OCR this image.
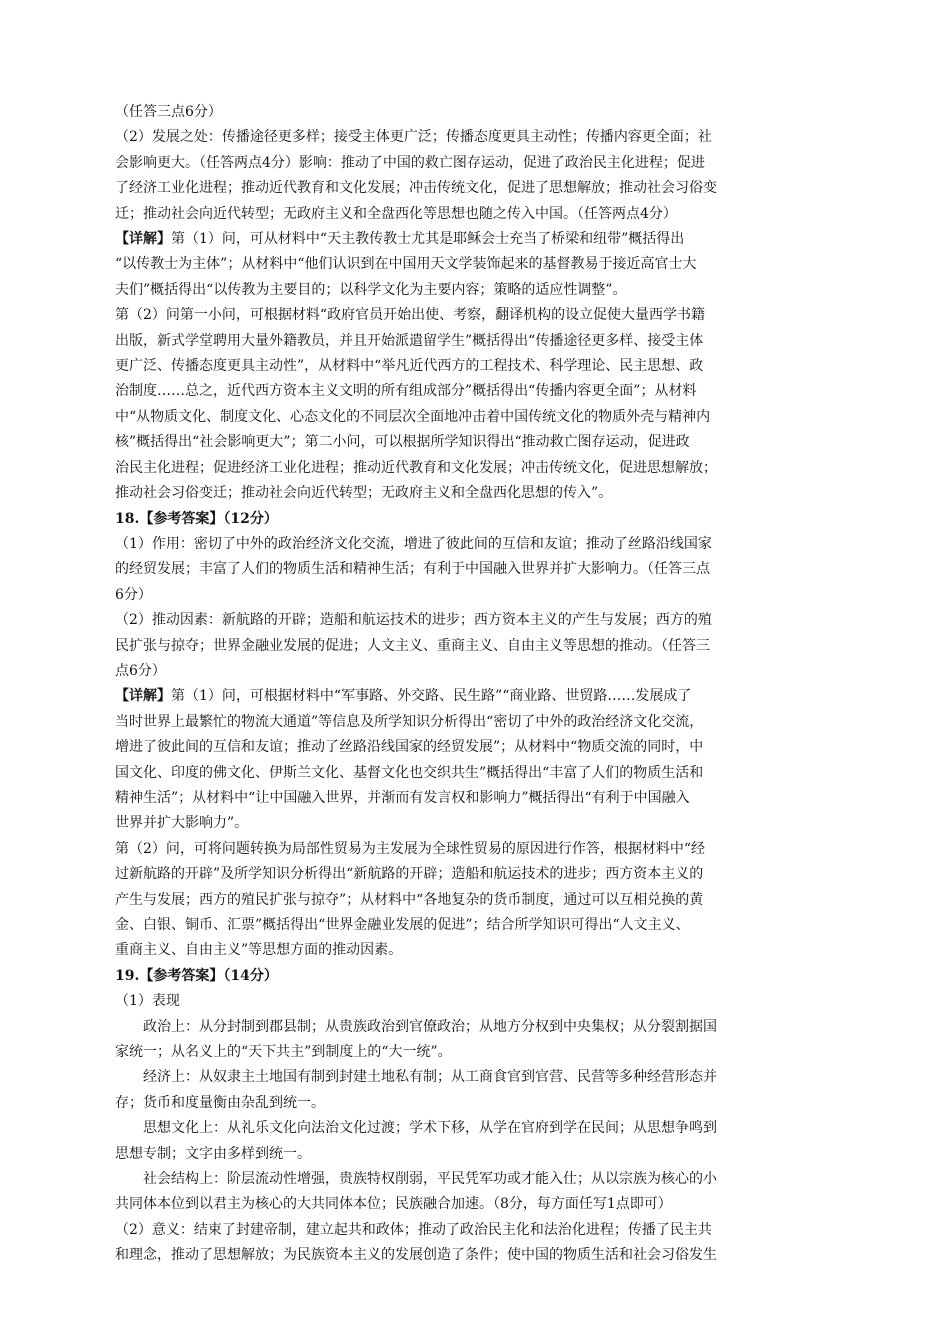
（任答三点6分）
（2）发展之处：传播途径更多样；接受主体更广泛；传播态度更具主动性；传播内容更全面；社
会影响更大。（任答两点4分）影响：推动了中国的救亡图存运动，促进了政治民主化进程；促进
了经济工业化进程；推动近代教育和文化发展；冲击传统文化，促进了思想解放；推动社会习俗变
迁；推动社会向近代转型；无政府主义和全盘西化等思想也随之传入中国。（任答两点4分）
【详解】第（1）问，可从材料中“天主教传教士尤其是耶稣会士充当了桥梁和纽带”概括得出
“以传教士为主体”；从材料中“他们认识到在中国用天文学装饰起来的基督教易于接近高官士大
夫们”概括得出“以传教为主要目的；以科学文化为主要内容；策略的适应性调整”。
第（2）问第一小问，可根据材料“政府官员开始出使、考察，翻译机构的设立促使大量西学书籍
出版，新式学堂聘用大量外籍教员，并且开始派遣留学生”概括得出“传播途径更多样、接受主体
更广泛、传播态度更具主动性”，从材料中“举凡近代西方的工程技术、科学理论、民主思想、政
治制度……总之，近代西方资本主义文明的所有组成部分”概括得出“传播内容更全面”；从材料
中“从物质文化、制度文化、心态文化的不同层次全面地冲击着中国传统文化的物质外壳与精神内
核”概括得出“社会影响更大”；第二小问，可以根据所学知识得出“推动救亡图存运动，促进政
治民主化进程；促进经济工业化进程；推动近代教育和文化发展；冲击传统文化，促进思想解放；
推动社会习俗变迁；推动社会向近代转型；无政府主义和全盘西化思想的传入”。
18.【参考答案】（12分）
（1）作用：密切了中外的政治经济文化交流，增进了彼此间的互信和友谊；推动了丝路沿线国家
的经贸发展；丰富了人们的物质生活和精神生活；有利于中国融入世界并扩大影响力。（任答三点
6分）
（2）推动因素：新航路的开辟；造船和航运技术的进步；西方资本主义的产生与发展；西方的殖
民扩张与掠夺；世界金融业发展的促进；人文主义、重商主义、自由主义等思想的推动。（任答三
点6分）
【详解】第（1）问，可根据材料中“军事路、外交路、民生路”“商业路、世贸路……发展成了
当时世界上最繁忙的物流大通道”等信息及所学知识分析得出“密切了中外的政治经济文化交流，
增进了彼此间的互信和友谊；推动了丝路沿线国家的经贸发展”；从材料中“物质交流的同时，中
国文化、印度的佛文化、伊斯兰文化、基督文化也交织共生”概括得出“丰富了人们的物质生活和
精神生活”；从材料中“让中国融入世界，并渐而有发言权和影响力”概括得出“有利于中国融入
世界并扩大影响力”。
第（2）问，可将问题转换为局部性贸易为主发展为全球性贸易的原因进行作答，根据材料中“经
过新航路的开辟”及所学知识分析得出“新航路的开辟；造船和航运技术的进步；西方资本主义的
产生与发展；西方的殖民扩张与掠夺”；从材料中“各地复杂的货币制度，通过可以互相兑换的黄
金、白银、铜币、汇票”概括得出“世界金融业发展的促进”；结合所学知识可得出“人文主义、
重商主义、自由主义”等思想方面的推动因素。
19.【参考答案】（14分）
（1）表现
政治上：从分封制到郡县制；从贵族政治到官僚政治；从地方分权到中央集权；从分裂割据国
家统一；从名义上的“天下共主”到制度上的“大一统”。
经济上：从奴隶主土地国有制到封建土地私有制；从工商食官到官营、民营等多种经营形态并
存；货币和度量衡由杂乱到统一。
思想文化上：从礼乐文化向法治文化过渡；学术下移，从学在官府到学在民间；从思想争鸣到
思想专制；文字由多样到统一。
社会结构上：阶层流动性增强，贵族特权削弱，平民凭军功或才能入仕；从以宗族为核心的小
共同体本位到以君主为核心的大共同体本位；民族融合加速。（8分，每方面任写1点即可）
（2）意义：结束了封建帝制，建立起共和政体；推动了政治民主化和法治化进程；传播了民主共
和理念，推动了思想解放；为民族资本主义的发展创造了条件；使中国的物质生活和社会习俗发生
